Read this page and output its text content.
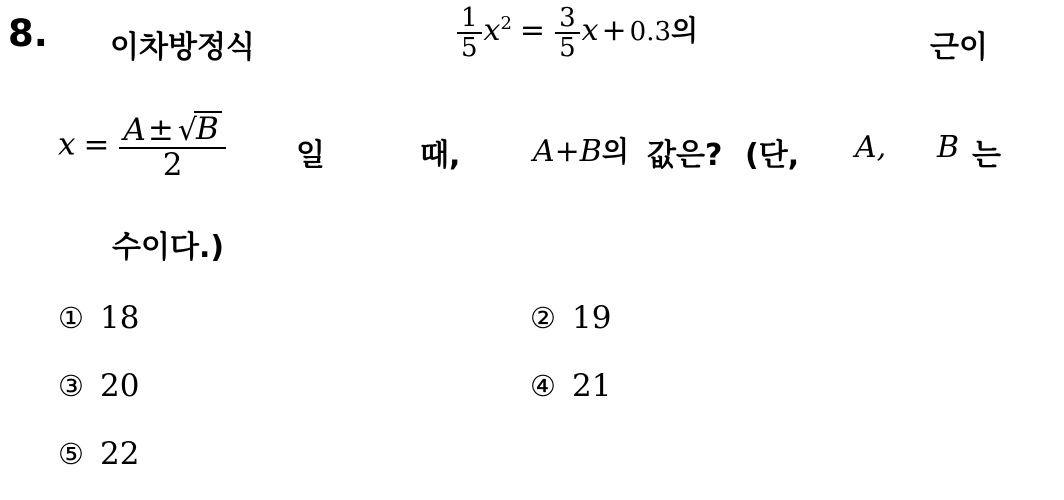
8. 이차방정식	$\frac{1}{5} x^2 = \frac{3}{5}$ x + 0.3의	근이
$x = \frac{A\pm √B}{2}$ 일	때, A+B의 값은? (단, A, B 는
수이다.)
① 18	② 19
③ 20	④ 21
⑤ 22
